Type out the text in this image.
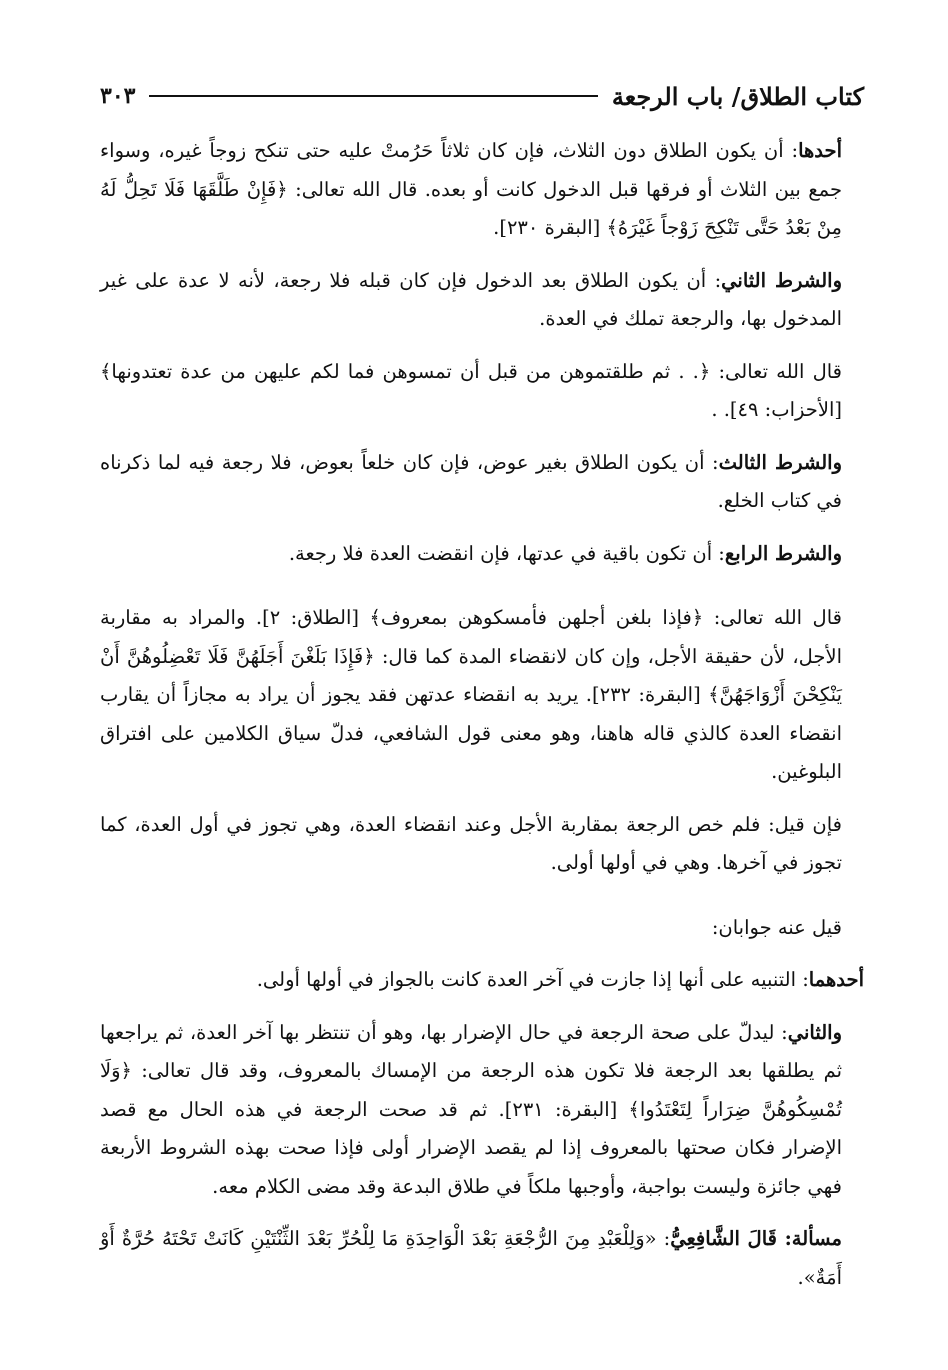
كتاب الطلاق/ باب الرجعة
٣٠٣

أحدها: أن يكون الطلاق دون الثلاث، فإن كان ثلاثاً حَرُمتْ عليه حتى تنكح زوجاً غيره، وسواء جمع بين الثلاث أو فرقها قبل الدخول كانت أو بعده. قال الله تعالى: ﴿فَإِنْ طَلَّقَهَا فَلَا تَحِلُّ لَهُ مِنْ بَعْدُ حَتَّى تَنْكِحَ زَوْجاً غَيْرَهُ﴾ [البقرة ٢٣٠].

والشرط الثاني: أن يكون الطلاق بعد الدخول فإن كان قبله فلا رجعة، لأنه لا عدة على غير المدخول بها، والرجعة تملك في العدة.

قال الله تعالى: ﴿. . ثم طلقتموهن من قبل أن تمسوهن فما لكم عليهن من عدة تعتدونها﴾ [الأحزاب: ٤٩]. .

والشرط الثالث: أن يكون الطلاق بغير عوض، فإن كان خلعاً بعوض، فلا رجعة فيه لما ذكرناه في كتاب الخلع.

والشرط الرابع: أن تكون باقية في عدتها، فإن انقضت العدة فلا رجعة.

قال الله تعالى: ﴿فإذا بلغن أجلهن فأمسكوهن بمعروف﴾ [الطلاق: ٢]. والمراد به مقاربة الأجل، لأن حقيقة الأجل، وإن كان لانقضاء المدة كما قال: ﴿فَإِذَا بَلَغْنَ أَجَلَهُنَّ فَلَا تَعْضِلُوهُنَّ أَنْ يَنْكِحْنَ أَزْوَاجَهُنَّ﴾ [البقرة: ٢٣٢]. يريد به انقضاء عدتهن فقد يجوز أن يراد به مجازاً أن يقارب انقضاء العدة كالذي قاله هاهنا، وهو معنى قول الشافعي، فدلّ سياق الكلامين على افتراق البلوغين.

فإن قيل: فلم خص الرجعة بمقاربة الأجل وعند انقضاء العدة، وهي تجوز في أول العدة، كما تجوز في آخرها. وهي في أولها أولى.

قيل عنه جوابان:

أحدهما: التنبيه على أنها إذا جازت في آخر العدة كانت بالجواز في أولها أولى.

والثاني: ليدلّ على صحة الرجعة في حال الإضرار بها، وهو أن تنتظر بها آخر العدة، ثم يراجعها ثم يطلقها بعد الرجعة فلا تكون هذه الرجعة من الإمساك بالمعروف، وقد قال تعالى: ﴿وَلَا تُمْسِكُوهُنَّ ضِرَاراً لِتَعْتَدُوا﴾ [البقرة: ٢٣١]. ثم قد صحت الرجعة في هذه الحال مع قصد الإضرار فكان صحتها بالمعروف إذا لم يقصد الإضرار أولى فإذا صحت بهذه الشروط الأربعة فهي جائزة وليست بواجبة، وأوجبها ملكاً في طلاق البدعة وقد مضى الكلام معه.

مسألة: قَالَ الشَّافِعِيُّ: «وَلِلْعَبْدِ مِنَ الرُّجْعَةِ بَعْدَ الْوَاحِدَةِ مَا لِلْحُرِّ بَعْدَ الثِّنْتَيْنِ كَانَتْ تَحْتَهُ حُرَّةٌ أَوْ أَمَةٌ».
